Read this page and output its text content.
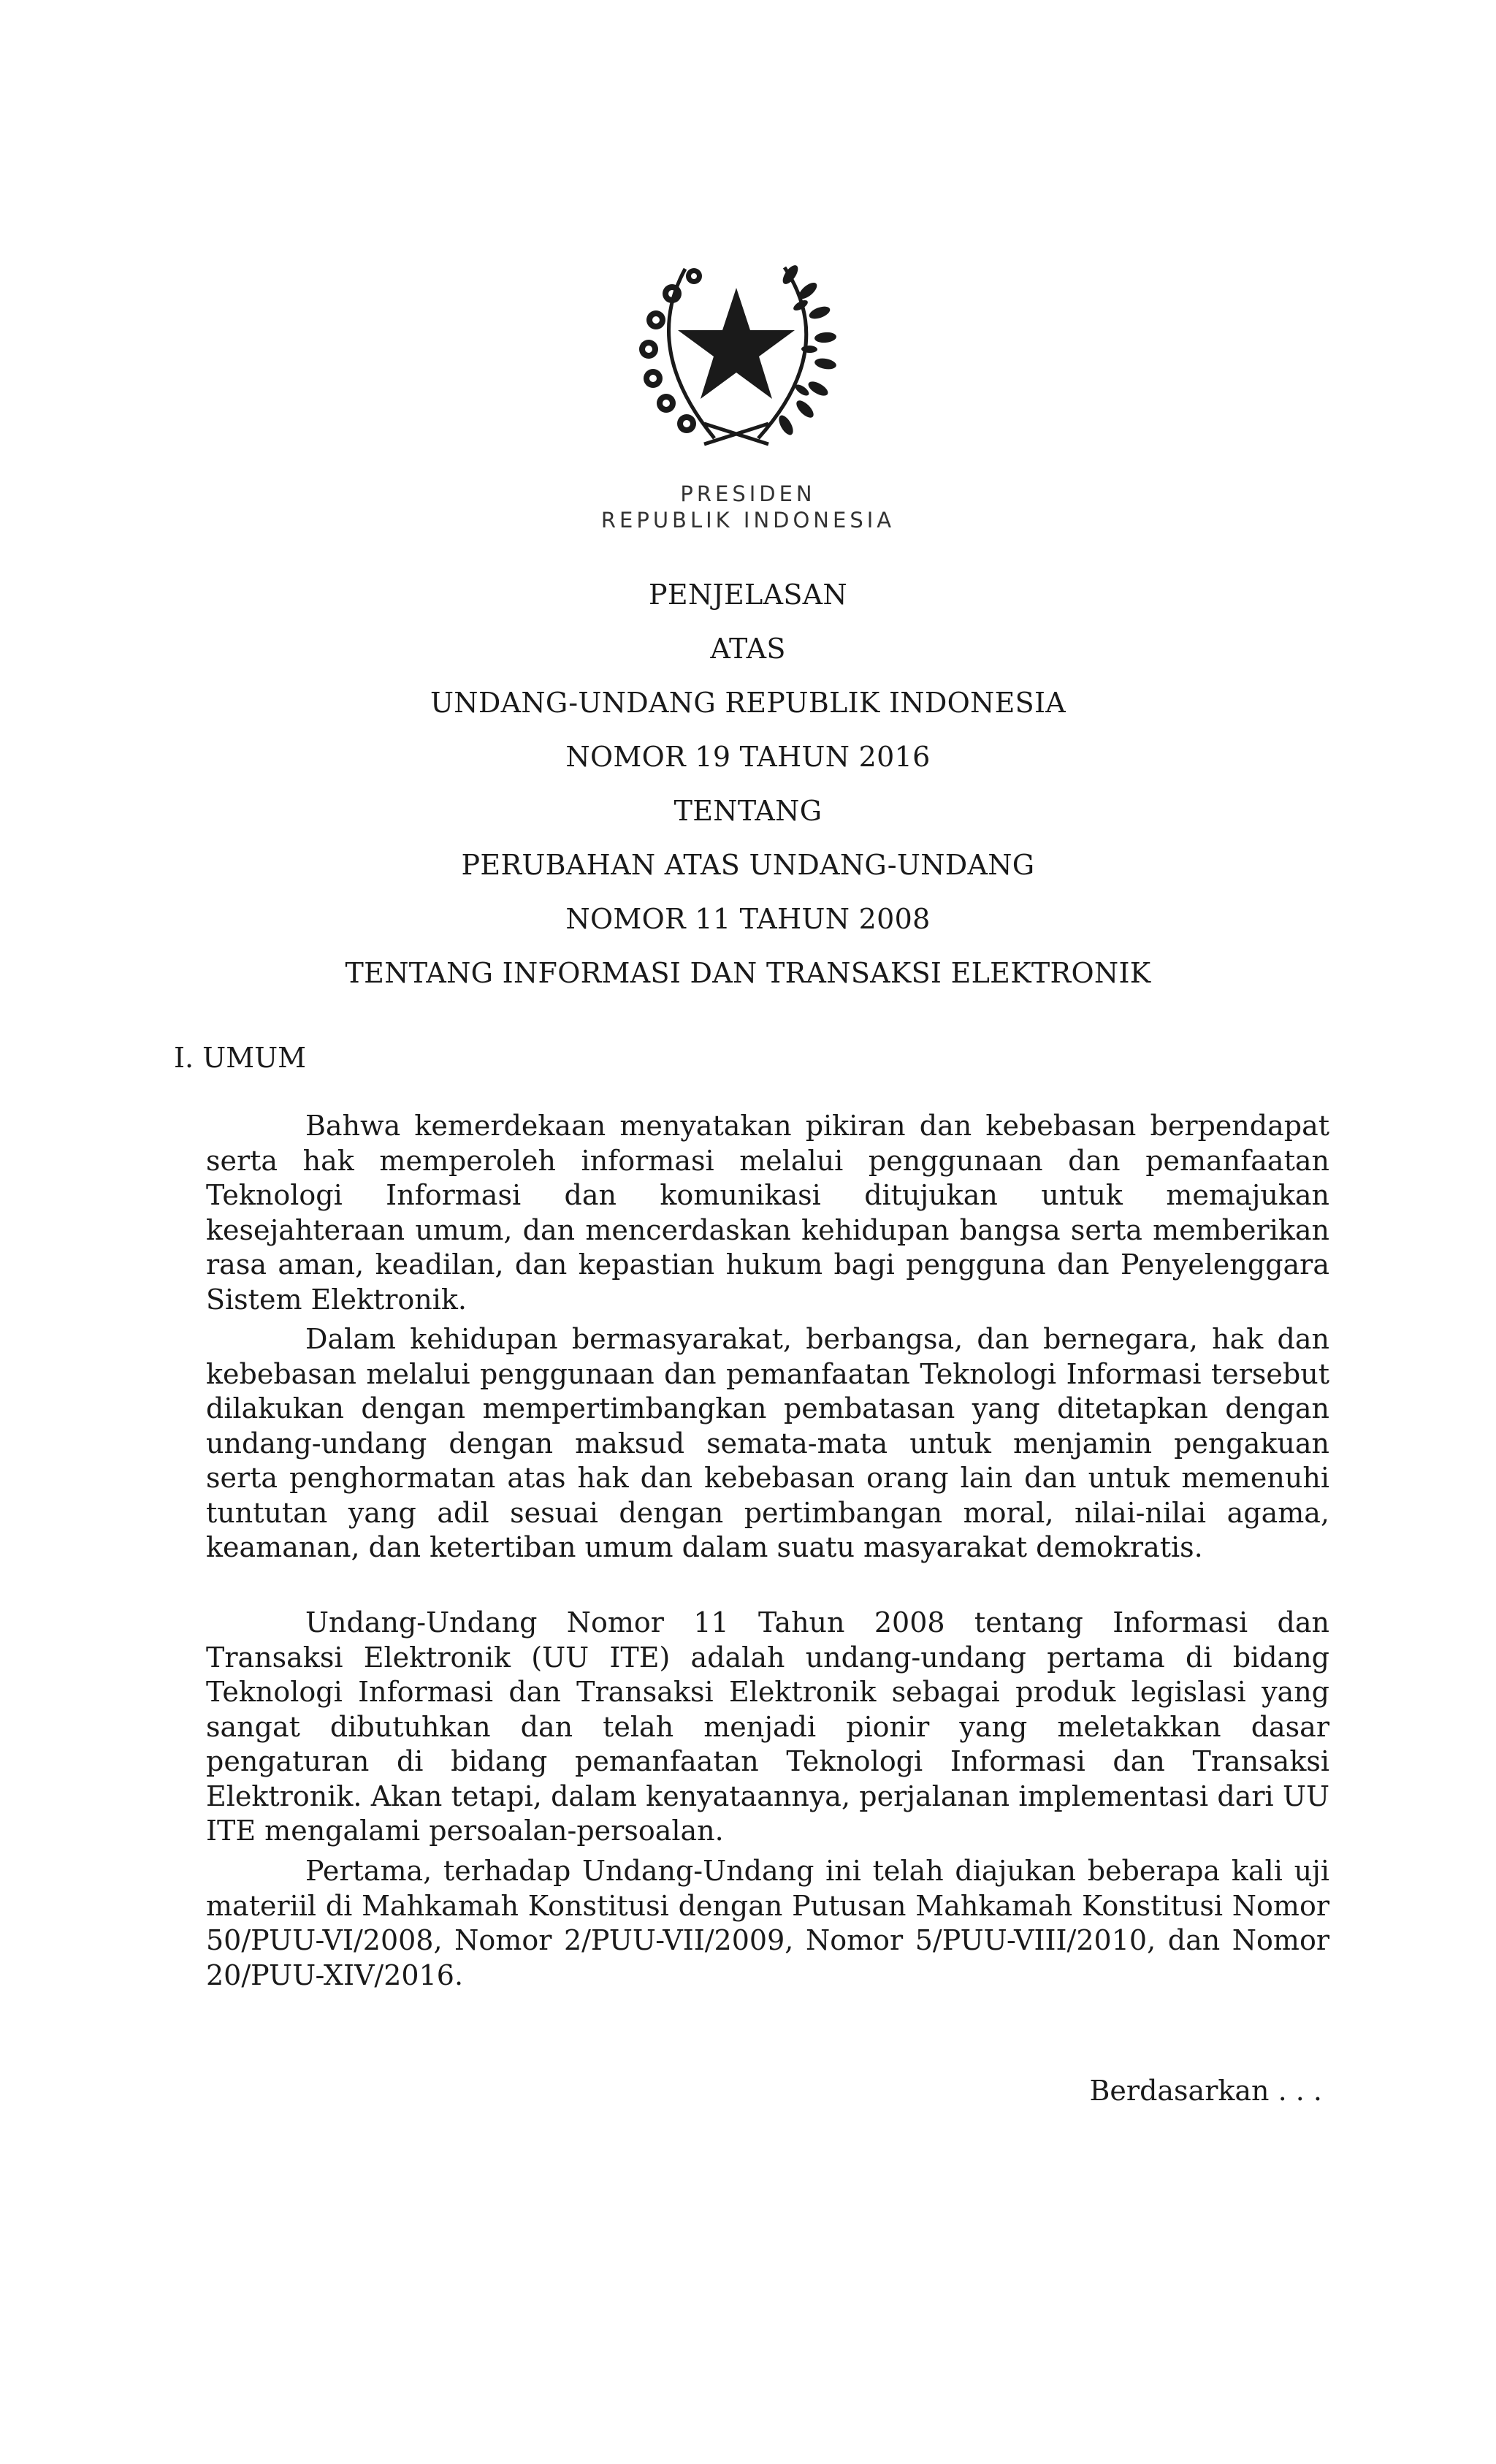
PRESIDEN
REPUBLIK INDONESIA
PENJELASAN
ATAS
UNDANG-UNDANG REPUBLIK INDONESIA
NOMOR 19 TAHUN 2016
TENTANG
PERUBAHAN ATAS UNDANG-UNDANG
NOMOR 11 TAHUN 2008
TENTANG INFORMASI DAN TRANSAKSI ELEKTRONIK
I. UMUM

Bahwa kemerdekaan menyatakan pikiran dan kebebasan berpendapat serta hak memperoleh informasi melalui penggunaan dan pemanfaatan Teknologi Informasi dan komunikasi ditujukan untuk memajukan kesejahteraan umum, dan mencerdaskan kehidupan bangsa serta memberikan rasa aman, keadilan, dan kepastian hukum bagi pengguna dan Penyelenggara Sistem Elektronik.

Dalam kehidupan bermasyarakat, berbangsa, dan bernegara, hak dan kebebasan melalui penggunaan dan pemanfaatan Teknologi Informasi tersebut dilakukan dengan mempertimbangkan pembatasan yang ditetapkan dengan undang-undang dengan maksud semata-mata untuk menjamin pengakuan serta penghormatan atas hak dan kebebasan orang lain dan untuk memenuhi tuntutan yang adil sesuai dengan pertimbangan moral, nilai-nilai agama, keamanan, dan ketertiban umum dalam suatu masyarakat demokratis.

Undang-Undang Nomor 11 Tahun 2008 tentang Informasi dan Transaksi Elektronik (UU ITE) adalah undang-undang pertama di bidang Teknologi Informasi dan Transaksi Elektronik sebagai produk legislasi yang sangat dibutuhkan dan telah menjadi pionir yang meletakkan dasar pengaturan di bidang pemanfaatan Teknologi Informasi dan Transaksi Elektronik. Akan tetapi, dalam kenyataannya, perjalanan implementasi dari UU ITE mengalami persoalan-persoalan.

Pertama, terhadap Undang-Undang ini telah diajukan beberapa kali uji materiil di Mahkamah Konstitusi dengan Putusan Mahkamah Konstitusi Nomor 50/PUU-VI/2008, Nomor 2/PUU-VII/2009, Nomor 5/PUU-VIII/2010, dan Nomor 20/PUU-XIV/2016.

Berdasarkan . . .
